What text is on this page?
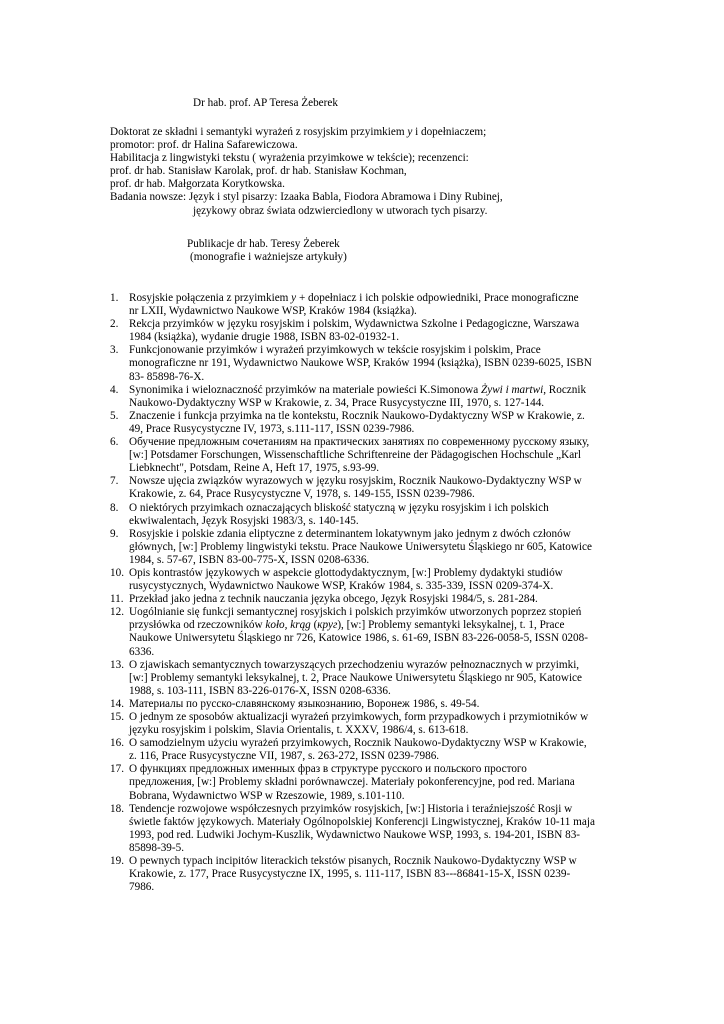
Dr hab. prof. AP Teresa Żeberek
Doktorat ze składni i semantyki wyrażeń z rosyjskim przyimkiem у i dopełniaczem;
promotor: prof. dr Halina Safarewiczowa.
Habilitacja z lingwistyki tekstu ( wyrażenia przyimkowe w tekście); recenzenci:
prof. dr hab. Stanisław Karolak, prof. dr hab. Stanisław Kochman,
prof. dr hab. Małgorzata Korytkowska.
Badania nowsze: Język i styl pisarzy: Izaaka Babla, Fiodora Abramowa i Diny Rubinej,
językowy obraz świata odzwierciedlony w utworach tych pisarzy.
Publikacje dr hab. Teresy Żeberek
(monografie i ważniejsze artykuły)
1. Rosyjskie połączenia z przyimkiem у + dopełniacz i ich polskie odpowiedniki, Prace monograficzne
nr LXII, Wydawnictwo Naukowe WSP, Kraków 1984 (książka).
2. Rekcja przyimków w języku rosyjskim i polskim, Wydawnictwa Szkolne i Pedagogiczne, Warszawa
1984 (książka), wydanie drugie 1988, ISBN 83-02-01932-1.
3. Funkcjonowanie przyimków i wyrażeń przyimkowych w tekście rosyjskim i polskim, Prace
monograficzne nr 191, Wydawnictwo Naukowe WSP, Kraków 1994 (książka), ISBN 0239-6025, ISBN
83- 85898-76-X.
4. Synonimika i wieloznaczność przyimków na materiale powieści K.Simonowa Żywi i martwi, Rocznik
Naukowo-Dydaktyczny WSP w Krakowie, z. 34, Prace Rusycystyczne III, 1970, s. 127-144.
5. Znaczenie i funkcja przyimka na tle kontekstu, Rocznik Naukowo-Dydaktyczny WSP w Krakowie, z.
49, Prace Rusycystyczne IV, 1973, s.111-117, ISSN 0239-7986.
6. Обучение предложным сочетаниям на практических занятиях по современному русскому языку,
[w:] Potsdamer Forschungen, Wissenschaftliche Schriftenreine der Pädagogischen Hochschule „Karl
Liebknecht", Potsdam, Reine A, Heft 17, 1975, s.93-99.
7. Nowsze ujęcia związków wyrazowych w języku rosyjskim, Rocznik Naukowo-Dydaktyczny WSP w
Krakowie, z. 64, Prace Rusycystyczne V, 1978, s. 149-155, ISSN 0239-7986.
8. O niektórych przyimkach oznaczających bliskość statyczną w języku rosyjskim i ich polskich
ekwiwalentach, Język Rosyjski 1983/3, s. 140-145.
9. Rosyjskie i polskie zdania eliptyczne z determinantem lokatywnym jako jednym z dwóch członów
głównych, [w:] Problemy lingwistyki tekstu. Prace Naukowe Uniwersytetu Śląskiego nr 605, Katowice
1984, s. 57-67, ISBN 83-00-775-X, ISSN 0208-6336.
10. Opis kontrastów językowych w aspekcie glottodydaktycznym, [w:] Problemy dydaktyki studiów
rusycystycznych, Wydawnictwo Naukowe WSP, Kraków 1984, s. 335-339, ISSN 0209-374-X.
11. Przekład jako jedna z technik nauczania języka obcego, Język Rosyjski 1984/5, s. 281-284.
12. Uogólnianie się funkcji semantycznej rosyjskich i polskich przyimków utworzonych poprzez stopień
przysłówka od rzeczowników koło, krąg (круг), [w:] Problemy semantyki leksykalnej, t. 1, Prace
Naukowe Uniwersytetu Śląskiego nr 726, Katowice 1986, s. 61-69, ISBN 83-226-0058-5, ISSN 0208-
6336.
13. O zjawiskach semantycznych towarzyszących przechodzeniu wyrazów pełnoznacznych w przyimki,
[w:] Problemy semantyki leksykalnej, t. 2, Prace Naukowe Uniwersytetu Śląskiego nr 905, Katowice
1988, s. 103-111, ISBN 83-226-0176-X, ISSN 0208-6336.
14. Материалы по русско-славянскому языкознанию, Воронеж 1986, s. 49-54.
15. O jednym ze sposobów aktualizacji wyrażeń przyimkowych, form przypadkowych i przymiotników w
języku rosyjskim i polskim, Slavia Orientalis, t. XXXV, 1986/4, s. 613-618.
16. O samodzielnym użyciu wyrażeń przyimkowych, Rocznik Naukowo-Dydaktyczny WSP w Krakowie,
z. 116, Prace Rusycystyczne VII, 1987, s. 263-272, ISSN 0239-7986.
17. О функциях предложных именных фраз в структуре русского и польского простого
предложения, [w:] Problemy składni porównawczej. Materiały pokonferencyjne, pod red. Mariana
Bobrana, Wydawnictwo WSP w Rzeszowie, 1989, s.101-110.
18. Tendencje rozwojowe współczesnych przyimków rosyjskich, [w:] Historia i teraźniejszość Rosji w
świetle faktów językowych. Materiały Ogólnopolskiej Konferencji Lingwistycznej, Kraków 10-11 maja
1993, pod red. Ludwiki Jochym-Kuszlik, Wydawnictwo Naukowe WSP, 1993, s. 194-201, ISBN 83-
85898-39-5.
19. O pewnych typach incipitów literackich tekstów pisanych, Rocznik Naukowo-Dydaktyczny WSP w
Krakowie, z. 177, Prace Rusycystyczne IX, 1995, s. 111-117, ISBN 83---86841-15-X, ISSN 0239-
7986.
